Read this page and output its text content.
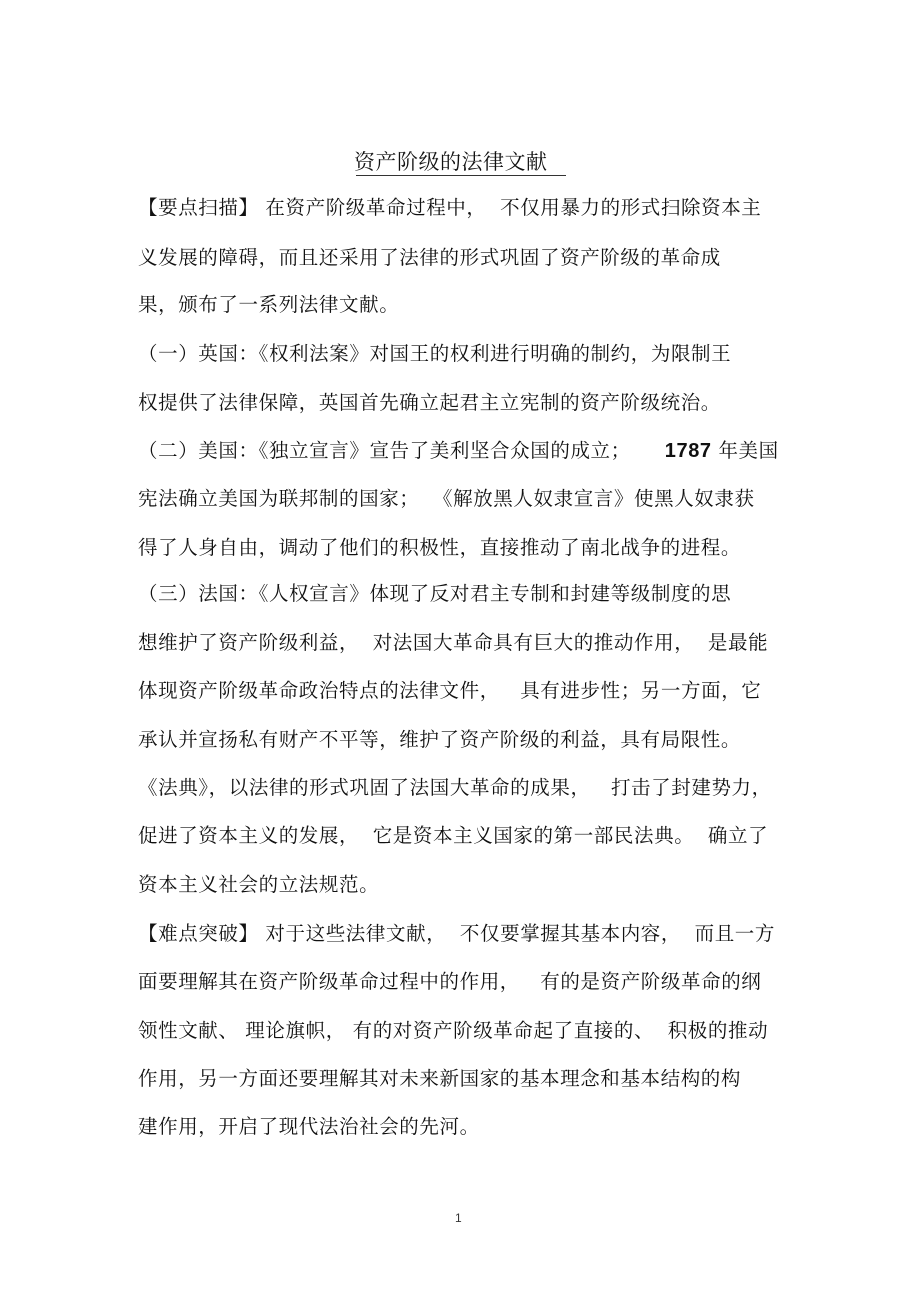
资产阶级的法律文献
【要点扫描】 在资产阶级革命过程中，  不仅用暴力的形式扫除资本主
义发展的障碍，而且还采用了法律的形式巩固了资产阶级的革命成
果，颁布了一系列法律文献。
（一）英国：《权利法案》对国王的权利进行明确的制约，为限制王
权提供了法律保障，英国首先确立起君主立宪制的资产阶级统治。
（二）美国：《独立宣言》宣告了美利坚合众国的成立；     1787 年美国
宪法确立美国为联邦制的国家；  《解放黑人奴隶宣言》使黑人奴隶获
得了人身自由，调动了他们的积极性，直接推动了南北战争的进程。
（三）法国：《人权宣言》体现了反对君主专制和封建等级制度的思
想维护了资产阶级利益，  对法国大革命具有巨大的推动作用，  是最能
体现资产阶级革命政治特点的法律文件，   具有进步性；另一方面，它
承认并宣扬私有财产不平等，维护了资产阶级的利益，具有局限性。
《法典》，以法律的形式巩固了法国大革命的成果，   打击了封建势力，
促进了资本主义的发展，  它是资本主义国家的第一部民法典。  确立了
资本主义社会的立法规范。
【难点突破】 对于这些法律文献，  不仅要掌握其基本内容，  而且一方
面要理解其在资产阶级革命过程中的作用，   有的是资产阶级革命的纲
领性文献、 理论旗帜， 有的对资产阶级革命起了直接的、  积极的推动
作用，另一方面还要理解其对未来新国家的基本理念和基本结构的构
建作用，开启了现代法治社会的先河。
1
